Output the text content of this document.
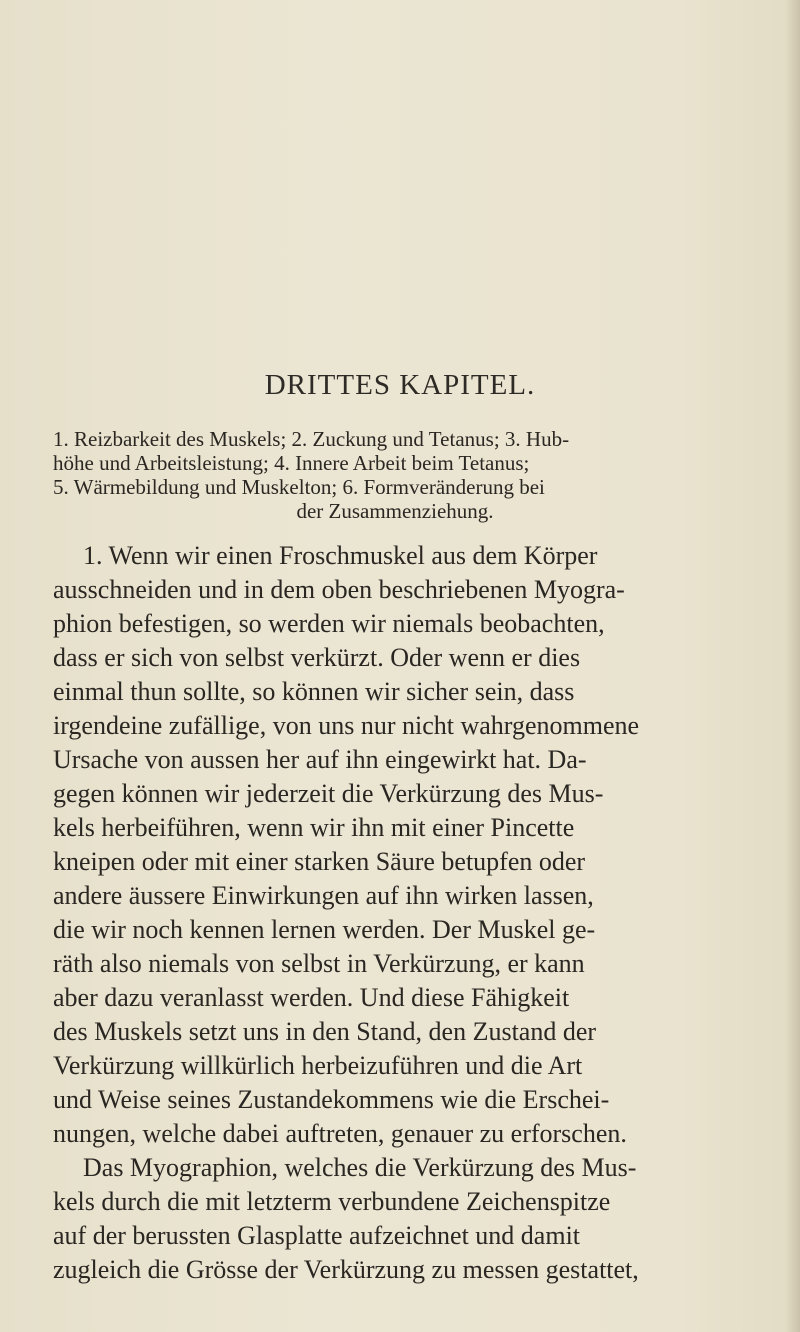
DRITTES KAPITEL.

1. Reizbarkeit des Muskels; 2. Zuckung und Tetanus; 3. Hub-
höhe und Arbeitsleistung; 4. Innere Arbeit beim Tetanus;
5. Wärmebildung und Muskelton; 6. Formveränderung bei
der Zusammenziehung.

1. Wenn wir einen Froschmuskel aus dem Körper
ausschneiden und in dem oben beschriebenen Myogra-
phion befestigen, so werden wir niemals beobachten,
dass er sich von selbst verkürzt. Oder wenn er dies
einmal thun sollte, so können wir sicher sein, dass
irgendeine zufällige, von uns nur nicht wahrgenommene
Ursache von aussen her auf ihn eingewirkt hat. Da-
gegen können wir jederzeit die Verkürzung des Mus-
kels herbeiführen, wenn wir ihn mit einer Pincette
kneipen oder mit einer starken Säure betupfen oder
andere äussere Einwirkungen auf ihn wirken lassen,
die wir noch kennen lernen werden. Der Muskel ge-
räth also niemals von selbst in Verkürzung, er kann
aber dazu veranlasst werden. Und diese Fähigkeit
des Muskels setzt uns in den Stand, den Zustand der
Verkürzung willkürlich herbeizuführen und die Art
und Weise seines Zustandekommens wie die Erschei-
nungen, welche dabei auftreten, genauer zu erforschen.
Das Myographion, welches die Verkürzung des Mus-
kels durch die mit letzterm verbundene Zeichenspitze
auf der berussten Glasplatte aufzeichnet und damit
zugleich die Grösse der Verkürzung zu messen gestattet,
